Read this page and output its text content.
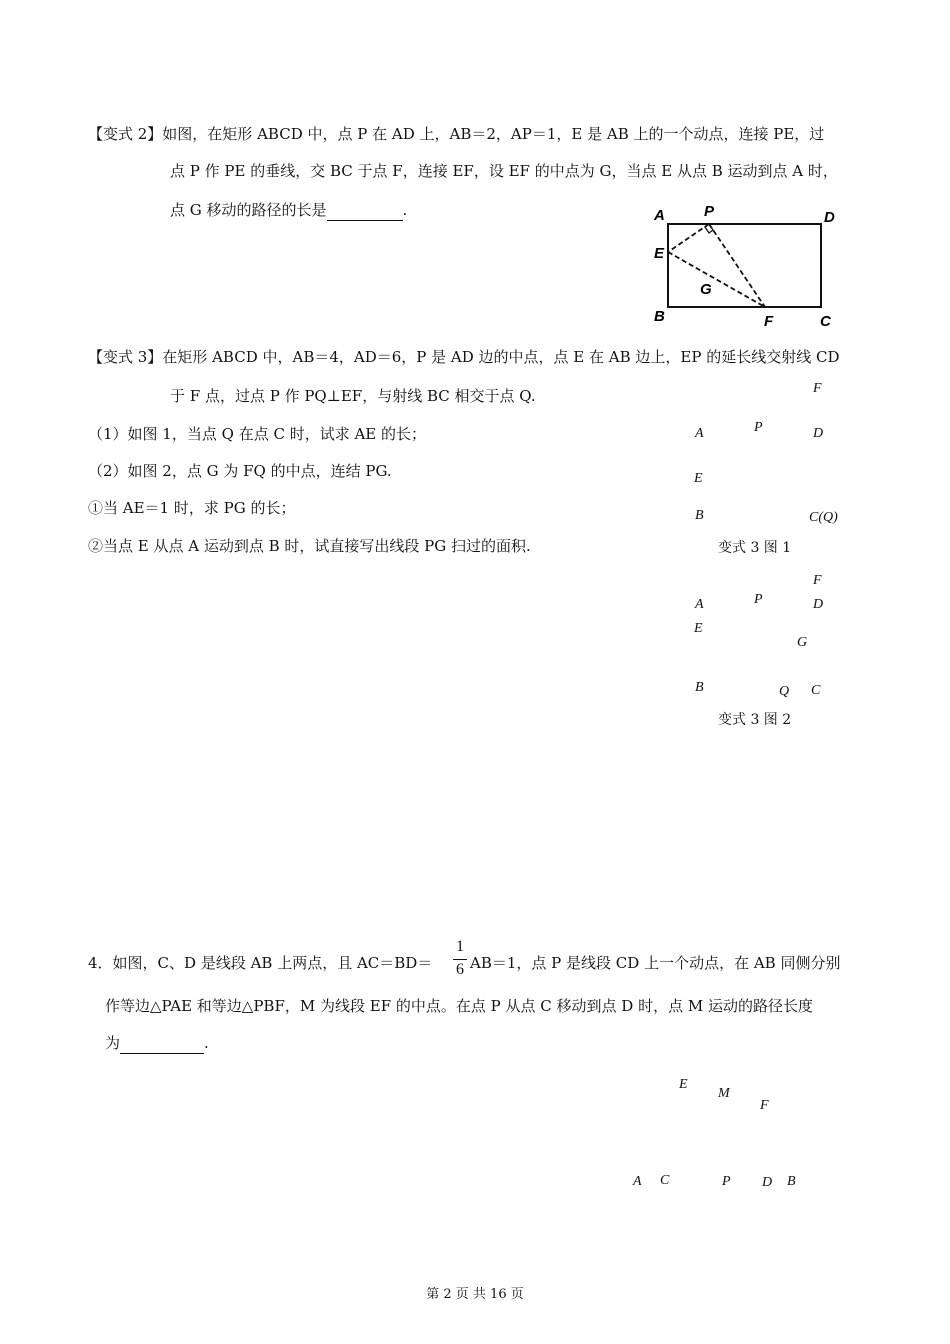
【变式 2】如图，在矩形 ABCD 中，点 P 在 AD 上，AB＝2，AP＝1，E 是 AB 上的一个动点，连接 PE，过
点 P 作 PE 的垂线，交 BC 于点 F，连接 EF，设 EF 的中点为 G，当点 E 从点 B 运动到点 A 时，
点 G 移动的路径的长是	.	A	P	D
E
G
B	F	C
【变式 3】在矩形 ABCD 中，AB＝4，AD＝6，P 是 AD 边的中点，点 E 在 AB 边上，EP 的延长线交射线 CD
于 F 点，过点 P 作 PQ⊥EF，与射线 BC 相交于点 Q.
（1）如图 1，当点 Q 在点 C 时，试求 AE 的长；
（2）如图 2，点 G 为 FQ 的中点，连结 PG.
①当 AE＝1 时，求 PG 的长；
②当点 E 从点 A 运动到点 B 时，试直接写出线段 PG 扫过的面积.
F
A	P	D
E
B	C(Q)
变式 3 图 1
F
A	P	D
E
G
B	Q C
变式 3 图 2
4．如图，C、D 是线段 AB 上两点，且 AC＝BD＝
1
6 AB＝1，点 P 是线段 CD 上一个动点，在 AB 同侧分别
作等边△PAE 和等边△PBF，M 为线段 EF 的中点。在点 P 从点 C 移动到点 D 时，点 M 运动的路径长度
为	.
E
M
F
A C	P D B
第 2 页 共 16 页
